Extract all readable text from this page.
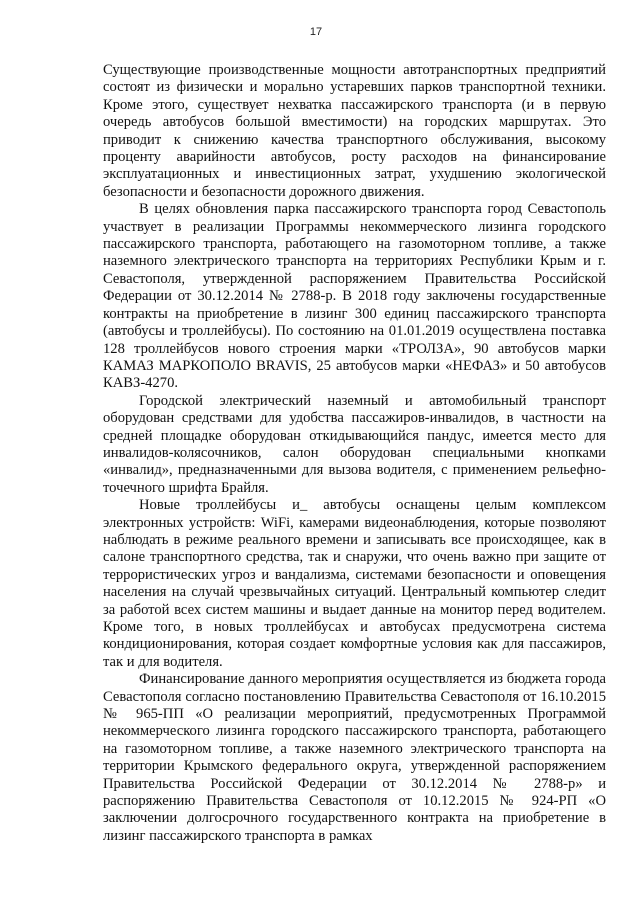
17

Существующие производственные мощности автотранспортных предприятий состоят из физически и морально устаревших парков транспортной техники. Кроме этого, существует нехватка пассажирского транспорта (и в первую очередь автобусов большой вместимости) на городских маршрутах. Это приводит к снижению качества транспортного обслуживания, высокому проценту аварийности автобусов, росту расходов на финансирование эксплуатационных и инвестиционных затрат, ухудшению экологической безопасности и безопасности дорожного движения.

В целях обновления парка пассажирского транспорта город Севастополь участвует в реализации Программы некоммерческого лизинга городского пассажирского транспорта, работающего на газомоторном топливе, а также наземного электрического транспорта на территориях Республики Крым и г. Севастополя, утвержденной распоряжением Правительства Российской Федерации от 30.12.2014 № 2788-р. В 2018 году заключены государственные контракты на приобретение в лизинг 300 единиц пассажирского транспорта (автобусы и троллейбусы). По состоянию на 01.01.2019 осуществлена поставка 128 троллейбусов нового строения марки «ТРОЛЗА», 90 автобусов марки КАМАЗ МАРКОПОЛО BRAVIS, 25 автобусов марки «НЕФАЗ» и 50 автобусов КАВЗ-4270.

Городской электрический наземный и автомобильный транспорт оборудован средствами для удобства пассажиров-инвалидов, в частности на средней площадке оборудован откидывающийся пандус, имеется место для инвалидов-колясочников, салон оборудован специальными кнопками «инвалид», предназначенными для вызова водителя, с применением рельефно-точечного шрифта Брайля.

Новые троллейбусы и_ автобусы оснащены целым комплексом электронных устройств: WiFi, камерами видеонаблюдения, которые позволяют наблюдать в режиме реального времени и записывать все происходящее, как в салоне транспортного средства, так и снаружи, что очень важно при защите от террористических угроз и вандализма, системами безопасности и оповещения населения на случай чрезвычайных ситуаций. Центральный компьютер следит за работой всех систем машины и выдает данные на монитор перед водителем. Кроме того, в новых троллейбусах и автобусах предусмотрена система кондиционирования, которая создает комфортные условия как для пассажиров, так и для водителя.

Финансирование данного мероприятия осуществляется из бюджета города Севастополя согласно постановлению Правительства Севастополя от 16.10.2015 № 965-ПП «О реализации мероприятий, предусмотренных Программой некоммерческого лизинга городского пассажирского транспорта, работающего на газомоторном топливе, а также наземного электрического транспорта на территории Крымского федерального округа, утвержденной распоряжением Правительства Российской Федерации от 30.12.2014 № 2788-р» и распоряжению Правительства Севастополя от 10.12.2015 № 924-РП «О заключении долгосрочного государственного контракта на приобретение в лизинг пассажирского транспорта в рамках
